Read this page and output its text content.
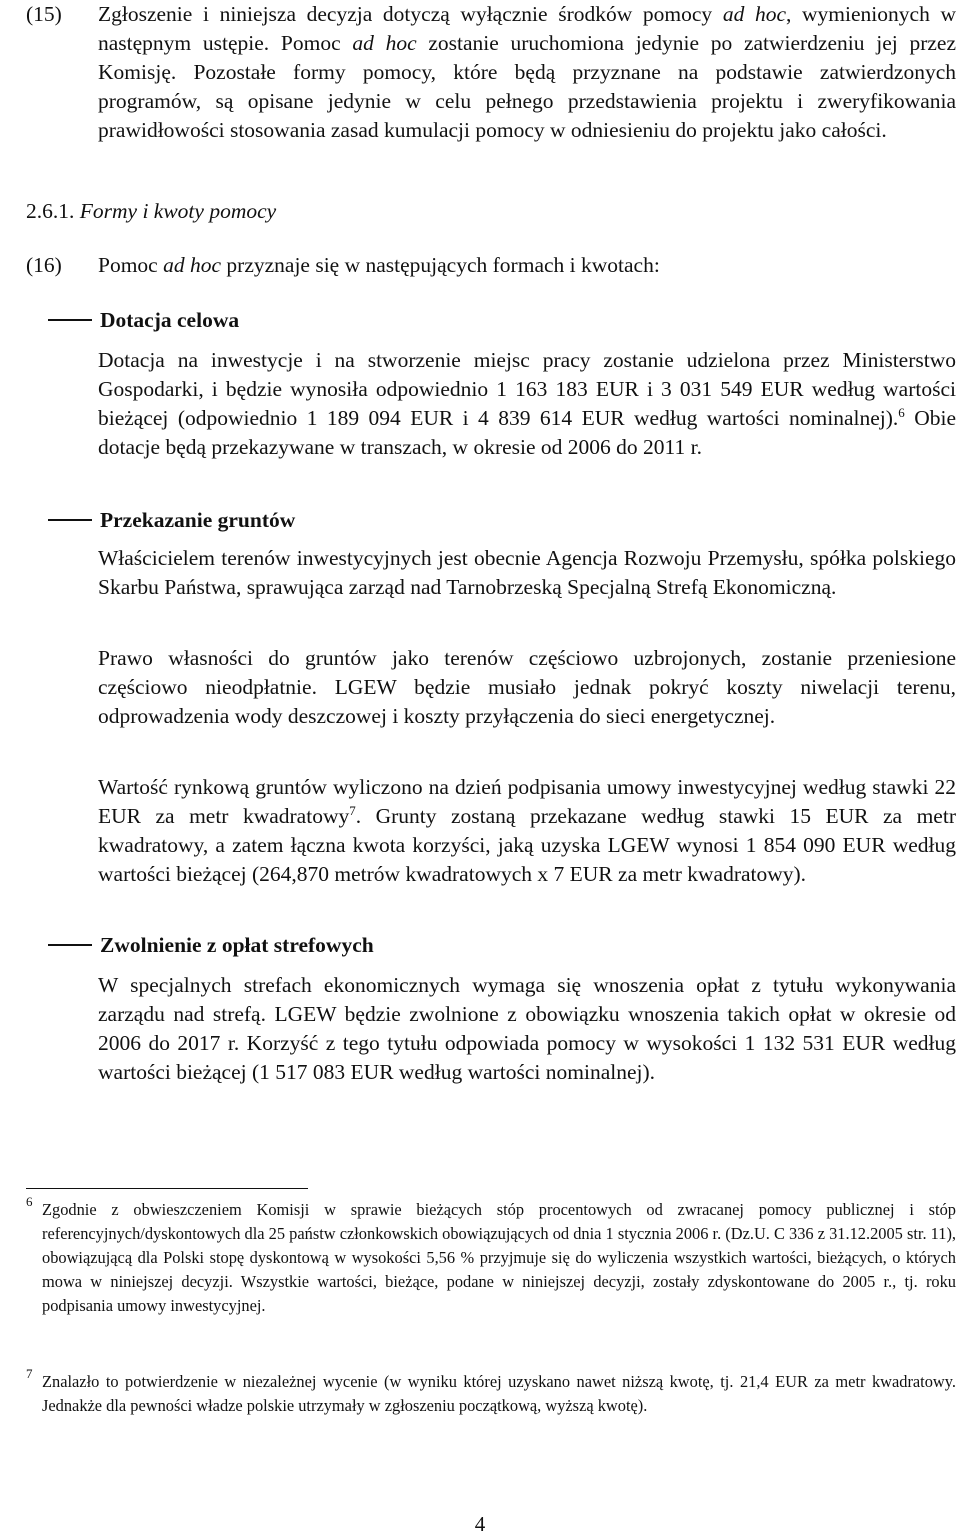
(15) Zgłoszenie i niniejsza decyzja dotyczą wyłącznie środków pomocy ad hoc, wymienionych w następnym ustępie. Pomoc ad hoc zostanie uruchomiona jedynie po zatwierdzeniu jej przez Komisję. Pozostałe formy pomocy, które będą przyznane na podstawie zatwierdzonych programów, są opisane jedynie w celu pełnego przedstawienia projektu i zweryfikowania prawidłowości stosowania zasad kumulacji pomocy w odniesieniu do projektu jako całości.
2.6.1. Formy i kwoty pomocy
(16) Pomoc ad hoc przyznaje się w następujących formach i kwotach:
Dotacja celowa
Dotacja na inwestycje i na stworzenie miejsc pracy zostanie udzielona przez Ministerstwo Gospodarki, i będzie wynosiła odpowiednio 1 163 183 EUR i 3 031 549 EUR według wartości bieżącej (odpowiednio 1 189 094 EUR i 4 839 614 EUR według wartości nominalnej).$^6$ Obie dotacje będą przekazywane w transzach, w okresie od 2006 do 2011 r.
Przekazanie gruntów
Właścicielem terenów inwestycyjnych jest obecnie Agencja Rozwoju Przemysłu, spółka polskiego Skarbu Państwa, sprawująca zarząd nad Tarnobrzeską Specjalną Strefą Ekonomiczną.
Prawo własności do gruntów jako terenów częściowo uzbrojonych, zostanie przeniesione częściowo nieodpłatnie. LGEW będzie musiało jednak pokryć koszty niwelacji terenu, odprowadzenia wody deszczowej i koszty przyłączenia do sieci energetycznej.
Wartość rynkową gruntów wyliczono na dzień podpisania umowy inwestycyjnej według stawki 22 EUR za metr kwadratowy$^7$. Grunty zostaną przekazane według stawki 15 EUR za metr kwadratowy, a zatem łączna kwota korzyści, jaką uzyska LGEW wynosi 1 854 090 EUR według wartości bieżącej (264,870 metrów kwadratowych x 7 EUR za metr kwadratowy).
Zwolnienie z opłat strefowych
W specjalnych strefach ekonomicznych wymaga się wnoszenia opłat z tytułu wykonywania zarządu nad strefą. LGEW będzie zwolnione z obowiązku wnoszenia takich opłat w okresie od 2006 do 2017 r. Korzyść z tego tytułu odpowiada pomocy w wysokości 1 132 531 EUR według wartości bieżącej (1 517 083 EUR według wartości nominalnej).
6 Zgodnie z obwieszczeniem Komisji w sprawie bieżących stóp procentowych od zwracanej pomocy publicznej i stóp referencyjnych/dyskontowych dla 25 państw członkowskich obowiązujących od dnia 1 stycznia 2006 r. (Dz.U. C 336 z 31.12.2005 str. 11), obowiązującą dla Polski stopę dyskontową w wysokości 5,56 % przyjmuje się do wyliczenia wszystkich wartości, bieżących, o których mowa w niniejszej decyzji. Wszystkie wartości, bieżące, podane w niniejszej decyzji, zostały zdyskontowane do 2005 r., tj. roku podpisania umowy inwestycyjnej.
7 Znalazło to potwierdzenie w niezależnej wycenie (w wyniku której uzyskano nawet niższą kwotę, tj. 21,4 EUR za metr kwadratowy. Jednakże dla pewności władze polskie utrzymały w zgłoszeniu początkową, wyższą kwotę).
4
